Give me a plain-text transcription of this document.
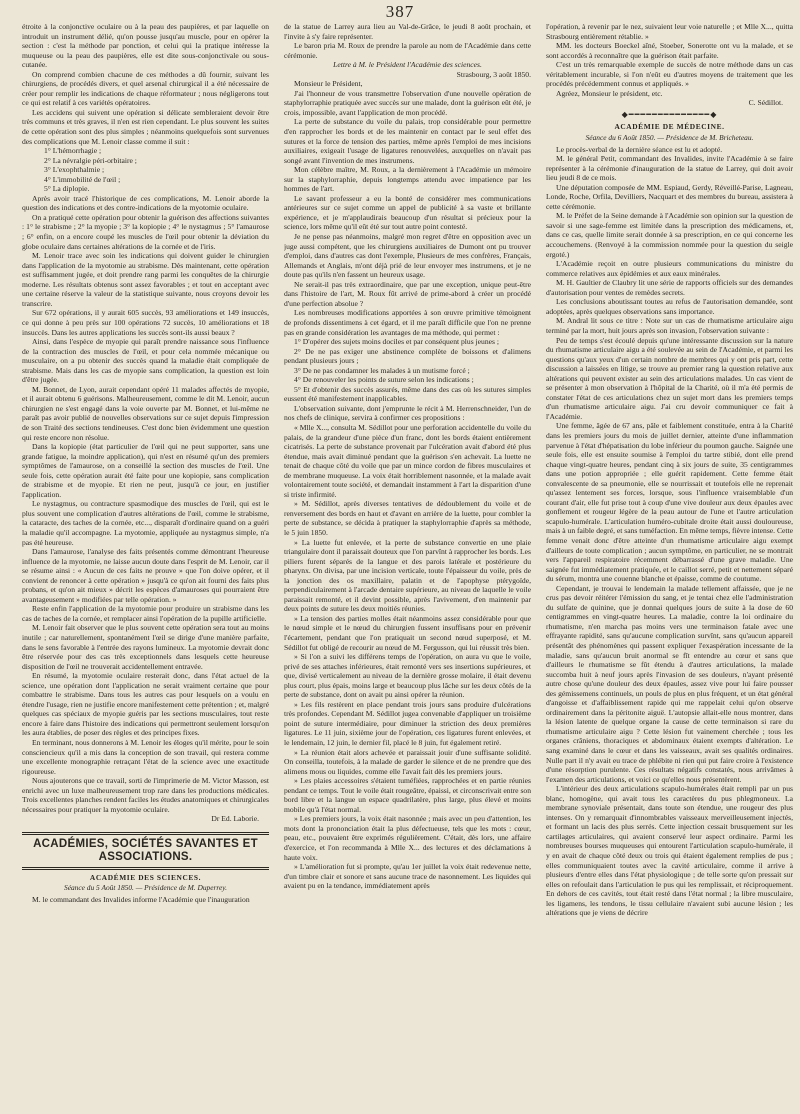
387

étroite à la conjonctive oculaire ou à la peau des paupières, et par laquelle on introduit un instrument délié, qu'on pousse jusqu'au muscle, pour en opérer la section : c'est la méthode par ponction, et celui qui la pratique intéresse la muqueuse ou la peau des paupières, elle est dite sous-conjonctivale ou sous-cutanée.

On comprend combien chacune de ces méthodes a dû fournir, suivant les chirurgiens, de procédés divers, et quel arsenal chirurgical il a été nécessaire de créer pour remplir les indications de chaque réformateur ; nous négligerons tout ce qui est relatif à ces variétés opératoires.

Les accidens qui suivent une opération si délicate sembleraient devoir être très communs et très graves, il n'en est rien cependant. Le plus souvent les suites de cette opération sont des plus simples ; néanmoins quelquefois sont survenues des complications que M. Lenoir classe comme il suit :

1° L'hémorrhagie ;

2° La névralgie péri-orbitaire ;

3° L'exophthalmie ;

4° L'immobilité de l'œil ;

5° La diplopie.

Après avoir tracé l'historique de ces complications, M. Lenoir aborde la question des indications et des contre-indications de la myotomie oculaire.

On a pratiqué cette opération pour obtenir la guérison des affections suivantes : 1° le strabisme ; 2° la myopie ; 3° la kopiopie ; 4° le nystagmus ; 5° l'amaurose ; 6° enfin, on a encore coupé les muscles de l'œil pour obtenir la déviation du globe oculaire dans certaines altérations de la cornée et de l'iris.

M. Lenoir trace avec soin les indications qui doivent guider le chirurgien dans l'application de la myotomie au strabisme. Dès maintenant, cette opération est suffisamment jugée, et doit prendre rang parmi les conquêtes de la chirurgie moderne. Les résultats obtenus sont assez favorables ; et tout en acceptant avec une certaine réserve la valeur de la statistique suivante, nous croyons devoir les transcrire.

Sur 672 opérations, il y aurait 605 succès, 93 améliorations et 149 insuccès, ce qui donne à peu près sur 100 opérations 72 succès, 10 améliorations et 18 insuccès. Dans les autres applications les succès sont-ils aussi beaux ?

Ainsi, dans l'espèce de myopie qui paraît prendre naissance sous l'influence de la contraction des muscles de l'œil, et pour cela nommée mécanique ou musculaire, on a pu obtenir des succès quand la maladie était compliquée de strabisme. Mais dans les cas de myopie sans complication, la question est loin d'être jugée.

M. Bonnet, de Lyon, aurait cependant opéré 11 malades affectés de myopie, et il aurait obtenu 6 guérisons. Malheureusement, comme le dit M. Lenoir, aucun chirurgien ne s'est engagé dans la voie ouverte par M. Bonnet, et lui-même ne paraît pas avoir publié de nouvelles observations sur ce sujet depuis l'impression de son Traité des sections tendineuses. C'est donc bien évidemment une question qui reste encore non résolue.

Dans la kopiopie (état particulier de l'œil qui ne peut supporter, sans une grande fatigue, la moindre application), qui n'est en résumé qu'un des premiers symptômes de l'amaurose, on a conseillé la section des muscles de l'œil. Une seule fois, cette opération aurait été faite pour une kopiopie, sans complication de strabisme et de myopie. Et rien ne peut, jusqu'à ce jour, en justifier l'application.

Le nystagmus, ou contracture spasmodique des muscles de l'œil, qui est le plus souvent une complication d'autres altérations de l'œil, comme le strabisme, la cataracte, des taches de la cornée, etc..., disparaît d'ordinaire quand on a guéri la maladie qu'il accompagne. La myotomie, appliquée au nystagmus simple, n'a pas été heureuse.

Dans l'amaurose, l'analyse des faits présentés comme démontrant l'heureuse influence de la myotomie, ne laisse aucun doute dans l'esprit de M. Lenoir, car il se résume ainsi : « Aucun de ces faits ne prouve » que l'on doive opérer, et il convient de renoncer à cette opération » jusqu'à ce qu'on ait fourni des faits plus probans, et qu'on ait mieux » décrit les espèces d'amauroses qui pourraient être avantageusement » modifiées par telle opération. »

Reste enfin l'application de la myotomie pour produire un strabisme dans les cas de taches de la cornée, et remplacer ainsi l'opération de la pupille artificielle.

M. Lenoir fait observer que le plus souvent cette opération sera tout au moins inutile ; car naturellement, spontanément l'œil se dirige d'une manière parfaite, dans le sens favorable à l'entrée des rayons lumineux. La myotomie devrait donc être réservée pour des cas très exceptionnels dans lesquels cette heureuse disposition de l'œil ne trouverait accidentellement entravée.

En résumé, la myotomie oculaire resterait donc, dans l'état actuel de la science, une opération dont l'application ne serait vraiment certaine que pour combattre le strabisme. Dans tous les autres cas pour lesquels on a voulu en étendre l'usage, rien ne justifie encore manifestement cette prétention ; et, malgré quelques cas spéciaux de myopie guéris par les sections musculaires, tout reste encore à faire dans l'histoire des indications qui permettront seulement lorsqu'on les aura établies, de poser des règles et des principes fixes.

En terminant, nous donnerons à M. Lenoir les éloges qu'il mérite, pour le soin consciencieux qu'il a mis dans la conception de son travail, qui restera comme une excellente monographie retraçant l'état de la science avec une exactitude rigoureuse.

Nous ajouterons que ce travail, sorti de l'imprimerie de M. Victor Masson, est enrichi avec un luxe malheureusement trop rare dans les productions médicales. Trois excellentes planches rendent faciles les études anatomiques et chirurgicales nécessaires pour pratiquer la myotomie oculaire.

Dr Ed. Laborie.

ACADÉMIES, SOCIÉTÉS SAVANTES ET ASSOCIATIONS.
ACADÉMIE DES SCIENCES.
Séance du 5 Août 1850. — Présidence de M. Duperrey.

M. le commandant des Invalides informe l'Académie que l'inauguration

de la statue de Larrey aura lieu au Val-de-Grâce, le jeudi 8 août prochain, et l'invite à s'y faire représenter.

Le baron pria M. Roux de prendre la parole au nom de l'Académie dans cette cérémonie.

Lettre à M. le Président l'Académie des sciences.

Strasbourg, 3 août 1850.

Monsieur le Président,

J'ai l'honneur de vous transmettre l'observation d'une nouvelle opération de staphylorraphie pratiquée avec succès sur une malade, dont la guérison eût été, je crois, impossible, avant l'application de mon procédé.

La perte de substance du voile du palais, trop considérable pour permettre d'en rapprocher les bords et de les maintenir en contact par le seul effet des sutures et la force de tension des parties, même après l'emploi de mes incisions auxiliaires, exigeait l'usage de ligatures renouvelées, auxquelles on n'avait pas songé avant l'invention de mes instrumens.

Mon célèbre maître, M. Roux, a la dernièrement à l'Académie un mémoire sur la staphylorraphie, depuis longtemps attendu avec impatience par les hommes de l'art.

Le savant professeur a eu la bonté de considérer mes communications antérieures sur ce sujet comme un appel de publicité à sa vaste et brillante expérience, et je m'applaudirais beaucoup d'un résultat si précieux pour la science, lors même qu'il eût été sur tout autre point contesté.

Je ne pense pas néanmoins, malgré mon regret d'être en opposition avec un juge aussi compétent, que les chirurgiens auxiliaires de Dumont ont pu trouver d'emploi, dans d'autres cas dont l'exemple, Plusieurs de mes confrères, Français, Allemands et Anglais, m'ont déjà prié de leur envoyer mes instrumens, et je ne doute pas qu'ils n'en fassent un heureux usage.

Ne serait-il pas très extraordinaire, que par une exception, unique peut-être dans l'histoire de l'art, M. Roux fût arrivé de prime-abord à créer un procédé d'une perfection absolue ?

Les nombreuses modifications apportées à son œuvre primitive témoignent de profonds dissentimens à cet égard, et il me paraît difficile que l'on ne prenne pas en grande considération les avantages de ma méthode, qui permet :

1° D'opérer des sujets moins dociles et par conséquent plus jeunes ;

2° De ne pas exiger une abstinence complète de boissons et d'alimens pendant plusieurs jours ;

3° De ne pas condamner les malades à un mutisme forcé ;

4° De renouveler les points de suture selon les indications ;

5° Et d'obtenir des succès assurés, même dans des cas où les sutures simples eussent été manifestement inapplicables.

L'observation suivante, dont j'emprunte le récit à M. Herrenschneider, l'un de nos chefs de clinique, servira à confirmer ces propositions :

« Mlle X..., consulta M. Sédillot pour une perforation accidentelle du voile du palais, de la grandeur d'une pièce d'un franc, dont les bords étaient entièrement cicatrisés. La perte de substance provenait par l'ulcération avait d'abord été plus étendue, mais avait diminué pendant que la guérison s'en achevait. La luette ne tenait de chaque côté du voile que par un mince cordon de fibres musculaires et de membrane muqueuse. La voix était horriblement nasonnée, et la malade avait volontairement toute société, et demandait instamment à l'art la disparition d'une si triste infirmité.

» M. Sédillot, après diverses tentatives de dédoublement du voile et de renversement des bords en haut et d'avant en arrière de la luette, pour combler la perte de substance, se décida à pratiquer la staphylorraphie d'après sa méthode, le 5 juin 1850.

» La luette fut enlevée, et la perte de substance convertie en une plaie triangulaire dont il paraissait douteux que l'on parvînt à rapprocher les bords. Les piliers furent séparés de la langue et des parois latérale et postérieure du pharynx. On divisa, par une incision verticale, toute l'épaisseur du voile, près de la jonction des os maxillaire, palatin et de l'apophyse ptérygoïde, perpendiculairement à l'arcade dentaire supérieure, au niveau de laquelle le voile paraissait remonté, et il devint possible, après l'avivement, d'en maintenir par deux points de suture les deux moitiés réunies.

» La tension des parties molles était néanmoins assez considérable pour que le nœud simple et le nœud du chirurgien fussent insuffisans pour en prévenir l'écartement, pendant que l'on pratiquait un second nœud superposé, et M. Sédillot fut obligé de recourir au nœud de M. Fergusson, qui lui réussit très bien.

» Si l'on a suivi les différens temps de l'opération, on aura vu que le voile, privé de ses attaches inférieures, était remonté vers ses insertions supérieures, et que, divisé verticalement au niveau de la dernière grosse molaire, il était devenu plus court, plus épais, moins large et beaucoup plus lâche sur les deux côtés de la perte de substance, dont on avait pu ainsi opérer la réunion.

» Les fils restèrent en place pendant trois jours sans produire d'ulcérations très profondes. Cependant M. Sédillot jugea convenable d'appliquer un troisième point de suture intermédiaire, pour diminuer la striction des deux premières ligatures. Le 11 juin, sixième jour de l'opération, ces ligatures furent enlevées, et le lendemain, 12 juin, le dernier fil, placé le 8 juin, fut également retiré.

» La réunion était alors achevée et paraissait jouir d'une suffisante solidité. On conseilla, toutefois, à la malade de garder le silence et de ne prendre que des alimens mous ou liquides, comme elle l'avait fait dès les premiers jours.

» Les plaies accessoires s'étaient tuméfiées, rapprochées et en partie réunies pendant ce temps. Tout le voile était rougeâtre, épaissi, et circonscrivait entre son bord libre et la langue un espace quadrilatère, plus large, plus élevé et moins mobile qu'à l'état normal.

» Les premiers jours, la voix était nasonnée ; mais avec un peu d'attention, les mots dont la prononciation était la plus défectueuse, tels que les mots : cœur, peau, etc., pouvaient être exprimés régulièrement. C'était, dès lors, une affaire d'exercice, et l'on recommanda à Mlle X... des lectures et des déclamations à haute voix.

» L'amélioration fut si prompte, qu'au 1er juillet la voix était redevenue nette, d'un timbre clair et sonore et sans aucune trace de nasonnement. Les liquides qui avaient pu en la tendance, immédiatement après

l'opération, à revenir par le nez, suivaient leur voie naturelle ; et Mlle X..., quitta Strasbourg entièrement rétablie. »

MM. les docteurs Boeckel aîné, Stoeber, Sonerotte ont vu la malade, et se sont accordés à reconnaître que la guérison était parfaite.

C'est un très remarquable exemple de succès de notre méthode dans un cas véritablement incurable, si l'on n'eût eu d'autres moyens de traitement que les procédés précédemment connus et appliqués. »

Agréez, Monsieur le président, etc.

C. Sédillot.

◆━━━━━━━━━━━━━━◆
ACADÉMIE DE MÉDECINE.
Séance du 6 Août 1850. — Présidence de M. Bricheteau.

Le procès-verbal de la dernière séance est lu et adopté.

M. le général Petit, commandant des Invalides, invite l'Académie à se faire représenter à la cérémonie d'inauguration de la statue de Larrey, qui doit avoir lieu jeudi 8 de ce mois.

Une députation composée de MM. Espiaud, Gerdy, Réveillé-Parise, Lagneau, Londe, Roche, Orfila, Devilliers, Nacquart et des membres du bureau, assistera à cette cérémonie.

M. le Préfet de la Seine demande à l'Académie son opinion sur la question de savoir si une sage-femme est limitée dans la prescription des médicamens, et, dans ce cas, quelle limite serait donnée à sa prescription, en ce qui concerne les accouchemens. (Renvoyé à la commission nommée pour la question du seigle ergoté.)

L'Académie reçoit en outre plusieurs communications du ministre du commerce relatives aux épidémies et aux eaux minérales.

M. H. Gaultier de Claubry lit une série de rapports officiels sur des demandes d'autorisation pour ventes de remèdes secrets.

Les conclusions aboutissant toutes au refus de l'autorisation demandée, sont adoptées, après quelques observations sans importance.

M. Andral lit sous ce titre : Note sur un cas de rhumatisme articulaire aigu terminé par la mort, huit jours après son invasion, l'observation suivante :

Peu de temps s'est écoulé depuis qu'une intéressante discussion sur la nature du rhumatisme articulaire aigu a été soulevée au sein de l'Académie, et parmi les questions qu'aux yeux d'un certain nombre de membres qui y ont pris part, cette discussion a laissées en litige, se trouve au premier rang la question relative aux altérations qui peuvent exister au sein des articulations malades. Un cas vient de se présenter à mon observation à l'hôpital de la Charité, où il m'a été permis de constater l'état de ces articulations chez un sujet mort dans les premiers temps d'un rhumatisme articulaire aigu. J'ai cru devoir communiquer ce fait à l'Académie.

Une femme, âgée de 67 ans, pâle et faiblement constituée, entra à la Charité dans les premiers jours du mois de juillet dernier, atteinte d'une inflammation parvenue à l'état d'hépatisation du lobe inférieur du poumon gauche. Saignée une seule fois, elle est ensuite soumise à l'emploi du tartre stibié, dont elle prend chaque vingt-quatre heures, pendant cinq à six jours de suite, 35 centigrammes dans une potion appropriée ; elle guérit rapidement. Cette femme était convalescente de sa pneumonie, elle se nourrissait et toutefois elle ne reprenait qu'assez lentement ses forces, lorsque, sous l'influence vraisemblable d'un courant d'air, elle fut prise tout à coup d'une vive douleur aux deux épaules avec gonflement et rougeur légère de la peau autour de l'une et l'autre articulation scapulo-humérale. L'articulation huméro-cubitale droite était aussi douloureuse, mais à un faible degré, et sans tuméfaction. En même temps, fièvre intense. Cette femme venait donc d'être atteinte d'un rhumatisme articulaire aigu exempt d'ailleurs de toute complication ; aucun symptôme, en particulier, ne se montrait vers l'appareil respiratoire récemment débarrassé d'une grave maladie. Une saignée fut immédiatement pratiquée, et le caillot serré, petit et nettement séparé du sérum, montra une couenne blanche et épaisse, comme de coutume.

Cependant, je trouvai le lendemain la malade tellement affaissée, que je ne crus pas devoir réitérer l'émission du sang, et je tentai chez elle l'administration du sulfate de quinine, que je donnai quelques jours de suite à la dose de 60 centigrammes en vingt-quatre heures. La maladie, contre la loi ordinaire du rhumatisme, n'en marcha pas moins vers une terminaison fatale avec une effrayante rapidité, sans qu'aucune complication survînt, sans qu'aucun appareil présentât des phénomènes qui passent expliquer l'exaspération incessante de la maladie, sans qu'aucun bruit anormal se fît entendre au cœur et sans que d'ailleurs le rhumatisme se fût étendu à d'autres articulations, la malade succomba huit à neuf jours après l'invasion de ses douleurs, n'ayant présenté autre chose qu'une douleur des deux épaules, assez vive pour lui faire pousser des gémissemens continuels, un pouls de plus en plus fréquent, et un état général d'angoisse et d'affaiblissement rapide qui me rappelait celui qu'on observe ordinairement dans la péritonite aiguë. L'autopsie allait-elle nous montrer, dans la lésion latente de quelque organe la cause de cette terminaison si rare du rhumatisme articulaire aigu ? Cette lésion fut vainement cherchée ; tous les organes crâniens, thoraciques et abdominaux étaient exempts d'altération. Le sang examiné dans le cœur et dans les vaisseaux, avait ses qualités ordinaires. Nulle part il n'y avait eu trace de phlébite ni rien qui put faire croire à l'existence d'une résorption purulente. Ces résultats négatifs constatés, nous arrivâmes à l'examen des articulations, et voici ce qu'elles nous présentèrent.

L'intérieur des deux articulations scapulo-humérales était rempli par un pus blanc, homogène, qui avait tous les caractères du pus phlegmoneux. La membrane synoviale présentait, dans toute son étendue, une rougeur des plus intenses. On y remarquait d'innombrables vaisseaux merveilleusement injectés, et formant un lacis des plus serrés. Cette injection cessait brusquement sur les cartilages articulaires, qui avaient conservé leur aspect ordinaire. Parmi les nombreuses bourses muqueuses qui entourent l'articulation scapulo-humérale, il y en avait de chaque côté deux ou trois qui étaient également remplies de pus ; elles communiquaient toutes avec la cavité articulaire, comme il arrive à plusieurs d'entre elles dans l'état physiologique ; de telle sorte qu'on pressait sur elles on refoulait dans l'articulation le pus qui les remplissait, et réciproquement. En dehors de ces cavités, tout était resté dans l'état normal ; la libre musculaire, les ligamens, les tendons, le tissu cellulaire n'avaient subi aucune lésion ; les altérations que je viens de décrire
